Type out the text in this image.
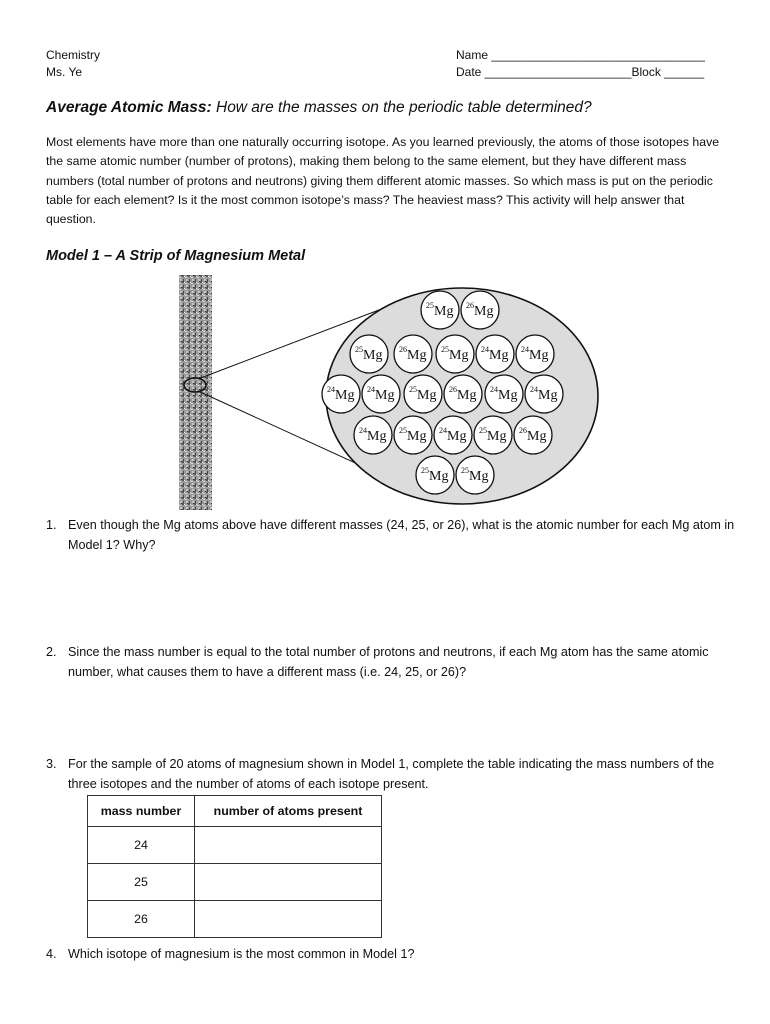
Chemistry
Ms. Ye
Name ________________________________
Date ______________________Block ______
Average Atomic Mass: How are the masses on the periodic table determined?
Most elements have more than one naturally occurring isotope. As you learned previously, the atoms of those isotopes have the same atomic number (number of protons), making them belong to the same element, but they have different mass numbers (total number of protons and neutrons) giving them different atomic masses. So which mass is put on the periodic table for each element? Is it the most common isotope’s mass? The heaviest mass? This activity will help answer that question.
Model 1 – A Strip of Magnesium Metal
$^{25}$Mg $^{26}$Mg
$^{25}$Mg $^{26}$Mg $^{25}$Mg $^{24}$Mg $^{24}$Mg
$^{24}$Mg $^{24}$Mg $^{25}$Mg $^{26}$Mg $^{24}$Mg $^{24}$Mg
$^{24}$Mg $^{25}$Mg $^{24}$Mg $^{25}$Mg $^{26}$Mg
$^{25}$Mg $^{25}$Mg
1. Even though the Mg atoms above have different masses (24, 25, or 26), what is the atomic number for each Mg atom in Model 1? Why?
2. Since the mass number is equal to the total number of protons and neutrons, if each Mg atom has the same atomic number, what causes them to have a different mass (i.e. 24, 25, or 26)?
3. For the sample of 20 atoms of magnesium shown in Model 1, complete the table indicating the mass numbers of the three isotopes and the number of atoms of each isotope present.
mass number	number of atoms present
24	
25	
26	
4. Which isotope of magnesium is the most common in Model 1?
